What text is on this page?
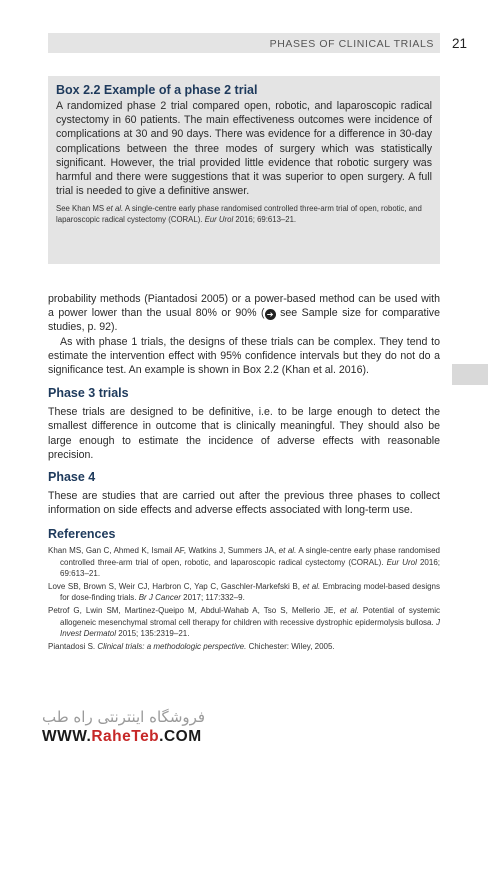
PHASES OF CLINICAL TRIALS 21
Box 2.2 Example of a phase 2 trial
A randomized phase 2 trial compared open, robotic, and laparoscopic radical cystectomy in 60 patients. The main effectiveness outcomes were incidence of complications at 30 and 90 days. There was evidence for a difference in 30-day complications between the three modes of surgery which was statistically significant. However, the trial provided little evidence that robotic surgery was harmful and there were suggestions that it was superior to open surgery. A full trial is needed to give a definitive answer.
See Khan MS et al. A single-centre early phase randomised controlled three-arm trial of open, robotic, and laparoscopic radical cystectomy (CORAL). Eur Urol 2016; 69:613–21.

probability methods (Piantadosi 2005) or a power-based method can be used with a power lower than the usual 80% or 90% ( ➔ see Sample size for comparative studies, p. 92).

As with phase 1 trials, the designs of these trials can be complex. They tend to estimate the intervention effect with 95% confidence intervals but they do not do a significance test. An example is shown in Box 2.2 (Khan et al. 2016).

Phase 3 trials

These trials are designed to be definitive, i.e. to be large enough to detect the smallest difference in outcome that is clinically meaningful. They should also be large enough to estimate the incidence of adverse effects with reasonable precision.

Phase 4

These are studies that are carried out after the previous three phases to collect information on side effects and adverse effects associated with long-term use.

References

Khan MS, Gan C, Ahmed K, Ismail AF, Watkins J, Summers JA, et al. A single-centre early phase randomised controlled three-arm trial of open, robotic, and laparoscopic radical cystectomy (CORAL). Eur Urol 2016; 69:613–21.

Love SB, Brown S, Weir CJ, Harbron C, Yap C, Gaschler-Markefski B, et al. Embracing model-based designs for dose-finding trials. Br J Cancer 2017; 117:332–9.

Petrof G, Lwin SM, Martinez-Queipo M, Abdul-Wahab A, Tso S, Mellerio JE, et al. Potential of systemic allogeneic mesenchymal stromal cell therapy for children with recessive dystrophic epidermolysis bullosa. J Invest Dermatol 2015; 135:2319–21.

Piantadosi S. Clinical trials: a methodologic perspective. Chichester: Wiley, 2005.

فروشگاه اینترنتی راه طب
WWW.RaheTeb.COM
